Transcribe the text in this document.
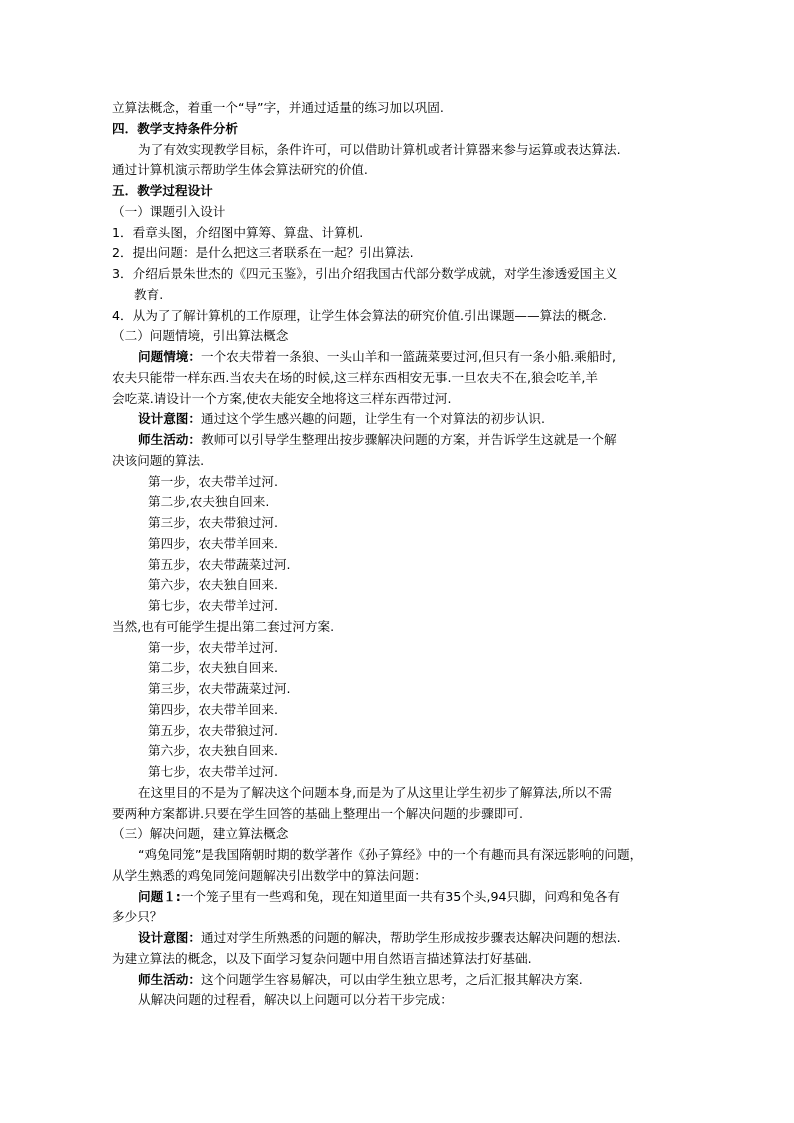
立算法概念，着重一个“导”字，并通过适量的练习加以巩固.
四．教学支持条件分析
为了有效实现教学目标，条件许可，可以借助计算机或者计算器来参与运算或表达算法.
通过计算机演示帮助学生体会算法研究的价值.
五．教学过程设计
（一）课题引入设计
1．看章头图，介绍图中算筹、算盘、计算机.
2．提出问题：是什么把这三者联系在一起？引出算法.
3．介绍后景朱世杰的《四元玉鉴》，引出介绍我国古代部分数学成就，对学生渗透爱国主义
教育.
4．从为了了解计算机的工作原理，让学生体会算法的研究价值.引出课题——算法的概念.
（二）问题情境，引出算法概念
问题情境：一个农夫带着一条狼、一头山羊和一篮蔬菜要过河,但只有一条小船.乘船时,
农夫只能带一样东西.当农夫在场的时候,这三样东西相安无事.一旦农夫不在,狼会吃羊,羊
会吃菜.请设计一个方案,使农夫能安全地将这三样东西带过河.
设计意图：通过这个学生感兴趣的问题，让学生有一个对算法的初步认识.
师生活动：教师可以引导学生整理出按步骤解决问题的方案，并告诉学生这就是一个解
决该问题的算法.
第一步，农夫带羊过河.
第二步,农夫独自回来.
第三步，农夫带狼过河.
第四步，农夫带羊回来.
第五步，农夫带蔬菜过河.
第六步，农夫独自回来.
第七步，农夫带羊过河.
当然,也有可能学生提出第二套过河方案.
第一步，农夫带羊过河.
第二步，农夫独自回来.
第三步，农夫带蔬菜过河.
第四步，农夫带羊回来.
第五步，农夫带狼过河.
第六步，农夫独自回来.
第七步，农夫带羊过河.
在这里目的不是为了解决这个问题本身,而是为了从这里让学生初步了解算法,所以不需
要两种方案都讲.只要在学生回答的基础上整理出一个解决问题的步骤即可.
（三）解决问题，建立算法概念
“鸡兔同笼”是我国隋朝时期的数学著作《孙子算经》中的一个有趣而具有深远影响的问题，
从学生熟悉的鸡兔同笼问题解决引出数学中的算法问题：
问题１:一个笼子里有一些鸡和兔，现在知道里面一共有35个头,94只脚，问鸡和兔各有
多少只？
设计意图：通过对学生所熟悉的问题的解决，帮助学生形成按步骤表达解决问题的想法.
为建立算法的概念，以及下面学习复杂问题中用自然语言描述算法打好基础.
师生活动：这个问题学生容易解决，可以由学生独立思考，之后汇报其解决方案.
从解决问题的过程看，解决以上问题可以分若干步完成：
